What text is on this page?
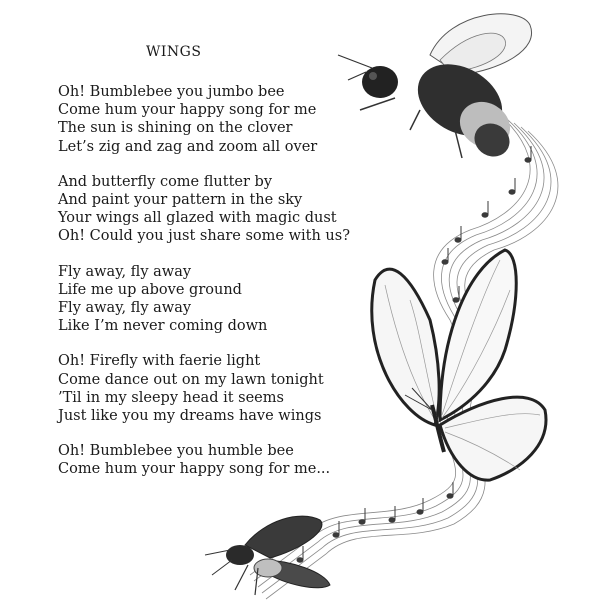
WINGS

Oh! Bumblebee you jumbo bee
Come hum your happy song for me
The sun is shining on the clover
Let’s zig and zag and zoom all over

And butterfly come flutter by
And paint your pattern in the sky
Your wings all glazed with magic dust
Oh! Could you just share some with us?

Fly away, fly away
Life me up above ground
Fly away, fly away
Like I’m never coming down

Oh! Firefly with faerie light
Come dance out on my lawn tonight
’Til in my sleepy head it seems
Just like you my dreams have wings

Oh! Bumblebee you humble bee
Come hum your happy song for me...
